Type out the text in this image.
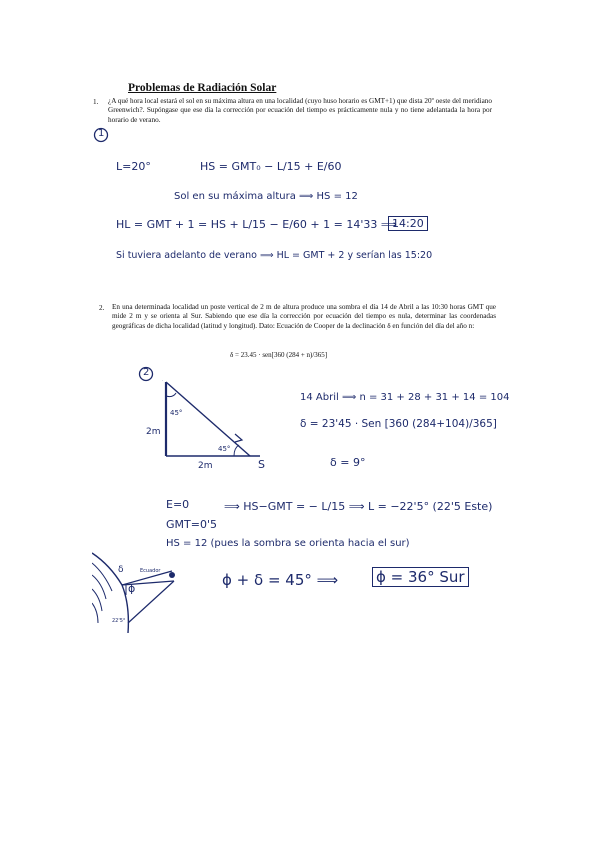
Problemas de Radiación Solar
1. ¿A qué hora local estará el sol en su máxima altura en una localidad (cuyo huso horario es GMT+1) que dista 20º oeste del meridiano Greenwich?. Supóngase que ese día la corrección por ecuación del tiempo es prácticamente nula y no tiene adelantada la hora por horario de verano.
1
L=20°	HS = GMT₀ − L/15 + E/60
Sol en su máxima altura ⟹ HS = 12
HL = GMT + 1 = HS + L/15 − E/60 + 1 = 14'33 ⟹
14:20
Si tuviera adelanto de verano ⟹ HL = GMT + 2 y serían las 15:20
2. En una determinada localidad un poste vertical de 2 m de altura produce una sombra el día 14 de Abril a las 10:30 horas GMT que mide 2 m y se orienta al Sur. Sabiendo que ese día la corrección por ecuación del tiempo es nula, determinar las coordenadas geográficas de dicha localidad (latitud y longitud). Dato: Ecuación de Cooper de la declinación δ en función del día del año n:
δ = 23.45 · sen[360 (284 + n)/365]
2
45°
45°
2m
2m	S
14 Abril ⟹ n = 31 + 28 + 31 + 14 = 104
δ = 23'45 · Sen [360 (284+104)/365]
δ = 9°
E=0
GMT=0'5
⟹ HS−GMT = − L/15 ⟹ L = −22'5° (22'5 Este)
HS = 12 (pues la sombra se orienta hacia el sur)
δ	Ecuador
ϕ
22'5°
ϕ + δ = 45° ⟹	ϕ = 36° Sur
